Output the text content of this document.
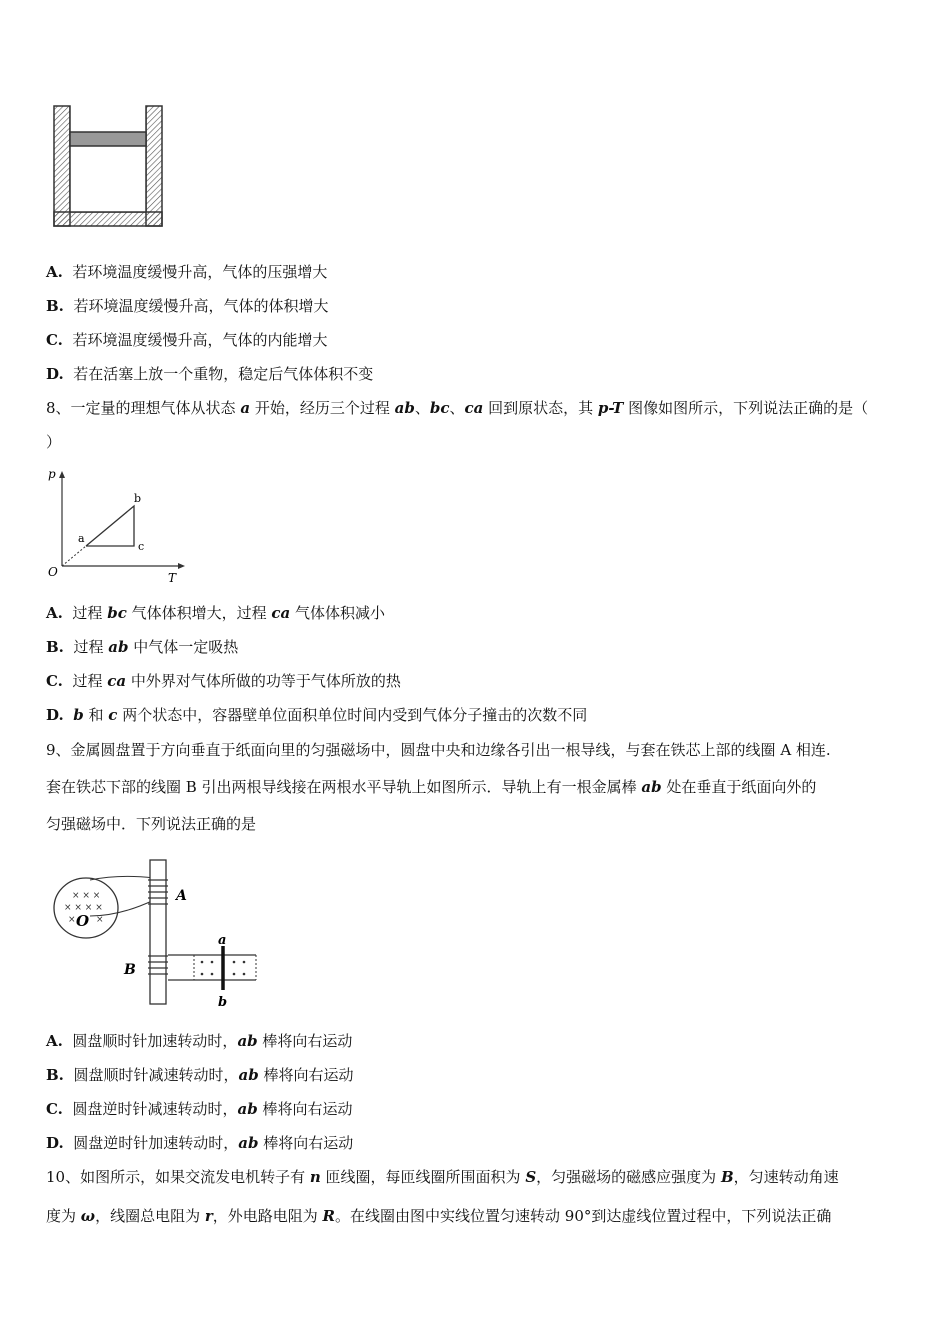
A. 若环境温度缓慢升高，气体的压强增大
B. 若环境温度缓慢升高，气体的体积增大
C. 若环境温度缓慢升高，气体的内能增大
D. 若在活塞上放一个重物，稳定后气体体积不变
8、一定量的理想气体从状态 a 开始，经历三个过程 ab、bc、ca 回到原状态，其 p-T 图像如图所示，下列说法正确的是（
）
p
T
O
a
b
c
A. 过程 bc 气体体积增大，过程 ca 气体体积减小
B. 过程 ab 中气体一定吸热
C. 过程 ca 中外界对气体所做的功等于气体所放的热
D. b 和 c 两个状态中，容器壁单位面积单位时间内受到气体分子撞击的次数不同
9、金属圆盘置于方向垂直于纸面向里的匀强磁场中，圆盘中央和边缘各引出一根导线，与套在铁芯上部的线圈 A 相连.
套在铁芯下部的线圈 B 引出两根导线接在两根水平导轨上如图所示．导轨上有一根金属棒 ab 处在垂直于纸面向外的
匀强磁场中．下列说法正确的是
× × ×
× × × ×
× ×
O
A
B
a
b
A. 圆盘顺时针加速转动时，ab 棒将向右运动
B. 圆盘顺时针减速转动时，ab 棒将向右运动
C. 圆盘逆时针减速转动时，ab 棒将向右运动
D. 圆盘逆时针加速转动时，ab 棒将向右运动
10、如图所示，如果交流发电机转子有 n 匝线圈，每匝线圈所围面积为 S，匀强磁场的磁感应强度为 B，匀速转动角速
度为 ω，线圈总电阻为 r，外电路电阻为 R。在线圈由图中实线位置匀速转动 90°到达虚线位置过程中，下列说法正确
